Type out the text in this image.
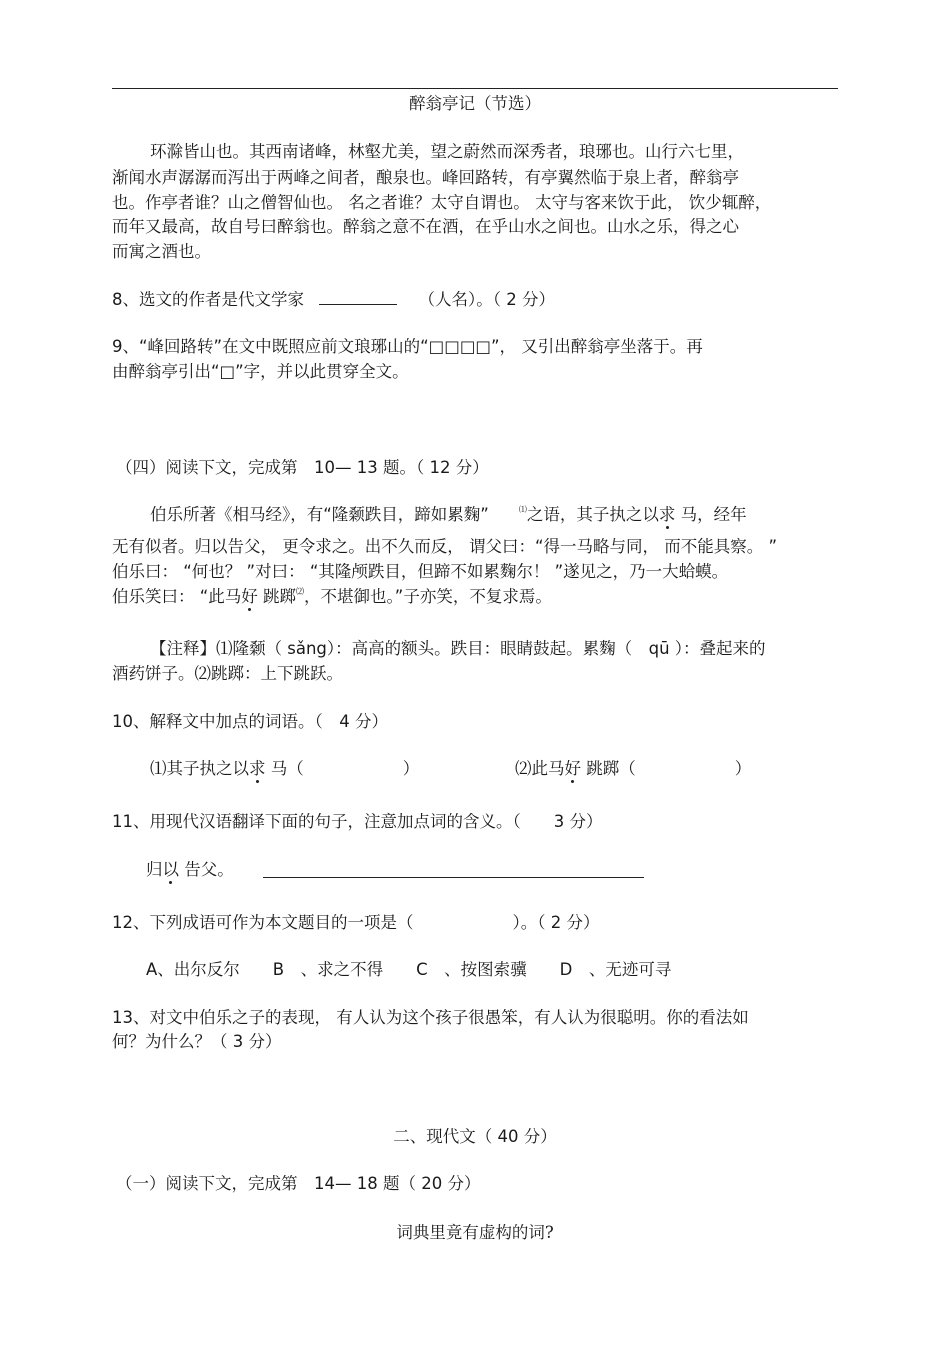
醉翁亭记（节选）
环滁皆山也。其西南诸峰，林壑尤美，望之蔚然而深秀者，琅琊也。山行六七里，
渐闻水声潺潺而泻出于两峰之间者，酿泉也。峰回路转，有亭翼然临于泉上者，醉翁亭
也。作亭者谁？山之僧智仙也。 名之者谁？太守自谓也。 太守与客来饮于此， 饮少辄醉，
而年又最高，故自号曰醉翁也。醉翁之意不在酒，在乎山水之间也。山水之乐，得之心
而寓之酒也。
8、选文的作者是代文学家	（人名）。（ 2 分）
9、“峰回路转”在文中既照应前文琅琊山的“□□□□”， 又引出醉翁亭坐落于。再
由醉翁亭引出“□”字，并以此贯穿全文。
（四）阅读下文，完成第　10— 13 题。（ 12 分）
伯乐所著《相马经》，有“隆颡跌目，蹄如累麴”	⑴之语，其子执之以求 马，经年
无有似者。归以告父， 更令求之。出不久而反， 谓父曰：“得一马略与同， 而不能具察。 ”
伯乐曰： “何也？ ”对曰： “其隆颅跌目，但蹄不如累麴尔！ ”遂见之，乃一大蛤蟆。
伯乐笑曰： “此马好 跳踯⑵，不堪御也。”子亦笑，不复求焉。
【注释】⑴隆颡（ sǎng）：高高的额头。跌目：眼睛鼓起。累麴（　qū ）：叠起来的
酒药饼子。⑵跳踯：上下跳跃。
10、解释文中加点的词语。（　4 分）
⑴其子执之以求 马（　　　　　　）	⑵此马好 跳踯（　　　　　　）
11、用现代汉语翻译下面的句子，注意加点词的含义。（　　3 分）
归以 告父。
12、下列成语可作为本文题目的一项是（　　　　　　）。（ 2 分）
A、出尔反尔　　B　、求之不得　　C　、按图索骥　　D　、无迹可寻
13、对文中伯乐之子的表现， 有人认为这个孩子很愚笨，有人认为很聪明。你的看法如
何？为什么？（ 3 分）
二、现代文（ 40 分）
（一）阅读下文，完成第　14— 18 题（ 20 分）
词典里竟有虚构的词?
